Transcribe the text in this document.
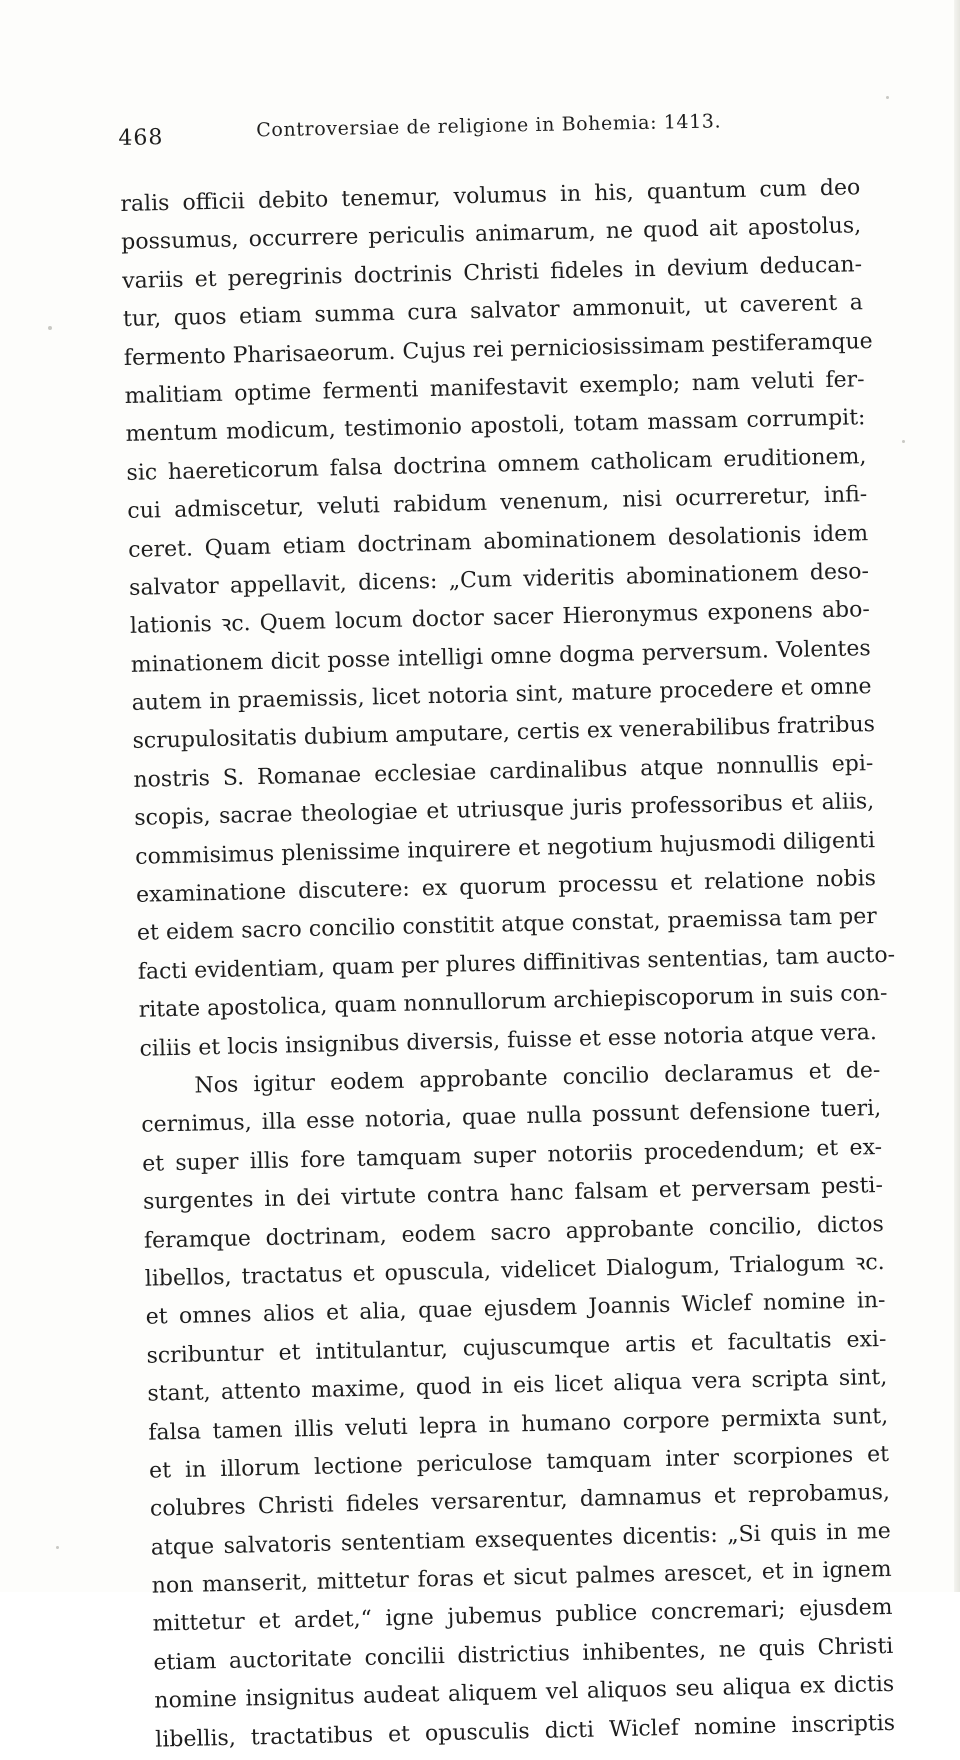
468	Controversiae de religione in Bohemia: 1413.
ralis officii debito tenemur, volumus in his, quantum cum deo
possumus, occurrere periculis animarum, ne quod ait apostolus,
variis et peregrinis doctrinis Christi fideles in devium deducan-
tur, quos etiam summa cura salvator ammonuit, ut caverent a
fermento Pharisaeorum. Cujus rei perniciosissimam pestiferamque
malitiam optime fermenti manifestavit exemplo; nam veluti fer-
mentum modicum, testimonio apostoli, totam massam corrumpit:
sic haereticorum falsa doctrina omnem catholicam eruditionem,
cui admiscetur, veluti rabidum venenum, nisi ocurreretur, infi-
ceret. Quam etiam doctrinam abominationem desolationis idem
salvator appellavit, dicens: „Cum videritis abominationem deso-
lationis ꝛc. Quem locum doctor sacer Hieronymus exponens abo-
minationem dicit posse intelligi omne dogma perversum. Volentes
autem in praemissis, licet notoria sint, mature procedere et omne
scrupulositatis dubium amputare, certis ex venerabilibus fratribus
nostris S. Romanae ecclesiae cardinalibus atque nonnullis epi-
scopis, sacrae theologiae et utriusque juris professoribus et aliis,
commisimus plenissime inquirere et negotium hujusmodi diligenti
examinatione discutere: ex quorum processu et relatione nobis
et eidem sacro concilio constitit atque constat, praemissa tam per
facti evidentiam, quam per plures diffinitivas sententias, tam aucto-
ritate apostolica, quam nonnullorum archiepiscoporum in suis con-
ciliis et locis insignibus diversis, fuisse et esse notoria atque vera.
Nos igitur eodem approbante concilio declaramus et de-
cernimus, illa esse notoria, quae nulla possunt defensione tueri,
et super illis fore tamquam super notoriis procedendum; et ex-
surgentes in dei virtute contra hanc falsam et perversam pesti-
feramque doctrinam, eodem sacro approbante concilio, dictos
libellos, tractatus et opuscula, videlicet Dialogum, Trialogum ꝛc.
et omnes alios et alia, quae ejusdem Joannis Wiclef nomine in-
scribuntur et intitulantur, cujuscumque artis et facultatis exi-
stant, attento maxime, quod in eis licet aliqua vera scripta sint,
falsa tamen illis veluti lepra in humano corpore permixta sunt,
et in illorum lectione periculose tamquam inter scorpiones et
colubres Christi fideles versarentur, damnamus et reprobamus,
atque salvatoris sententiam exsequentes dicentis: „Si quis in me
non manserit, mittetur foras et sicut palmes arescet, et in ignem
mittetur et ardet,“ igne jubemus publice concremari; ejusdem
etiam auctoritate concilii districtius inhibentes, ne quis Christi
nomine insignitus audeat aliquem vel aliquos seu aliqua ex dictis
libellis, tractatibus et opusculis dicti Wiclef nomine inscriptis
